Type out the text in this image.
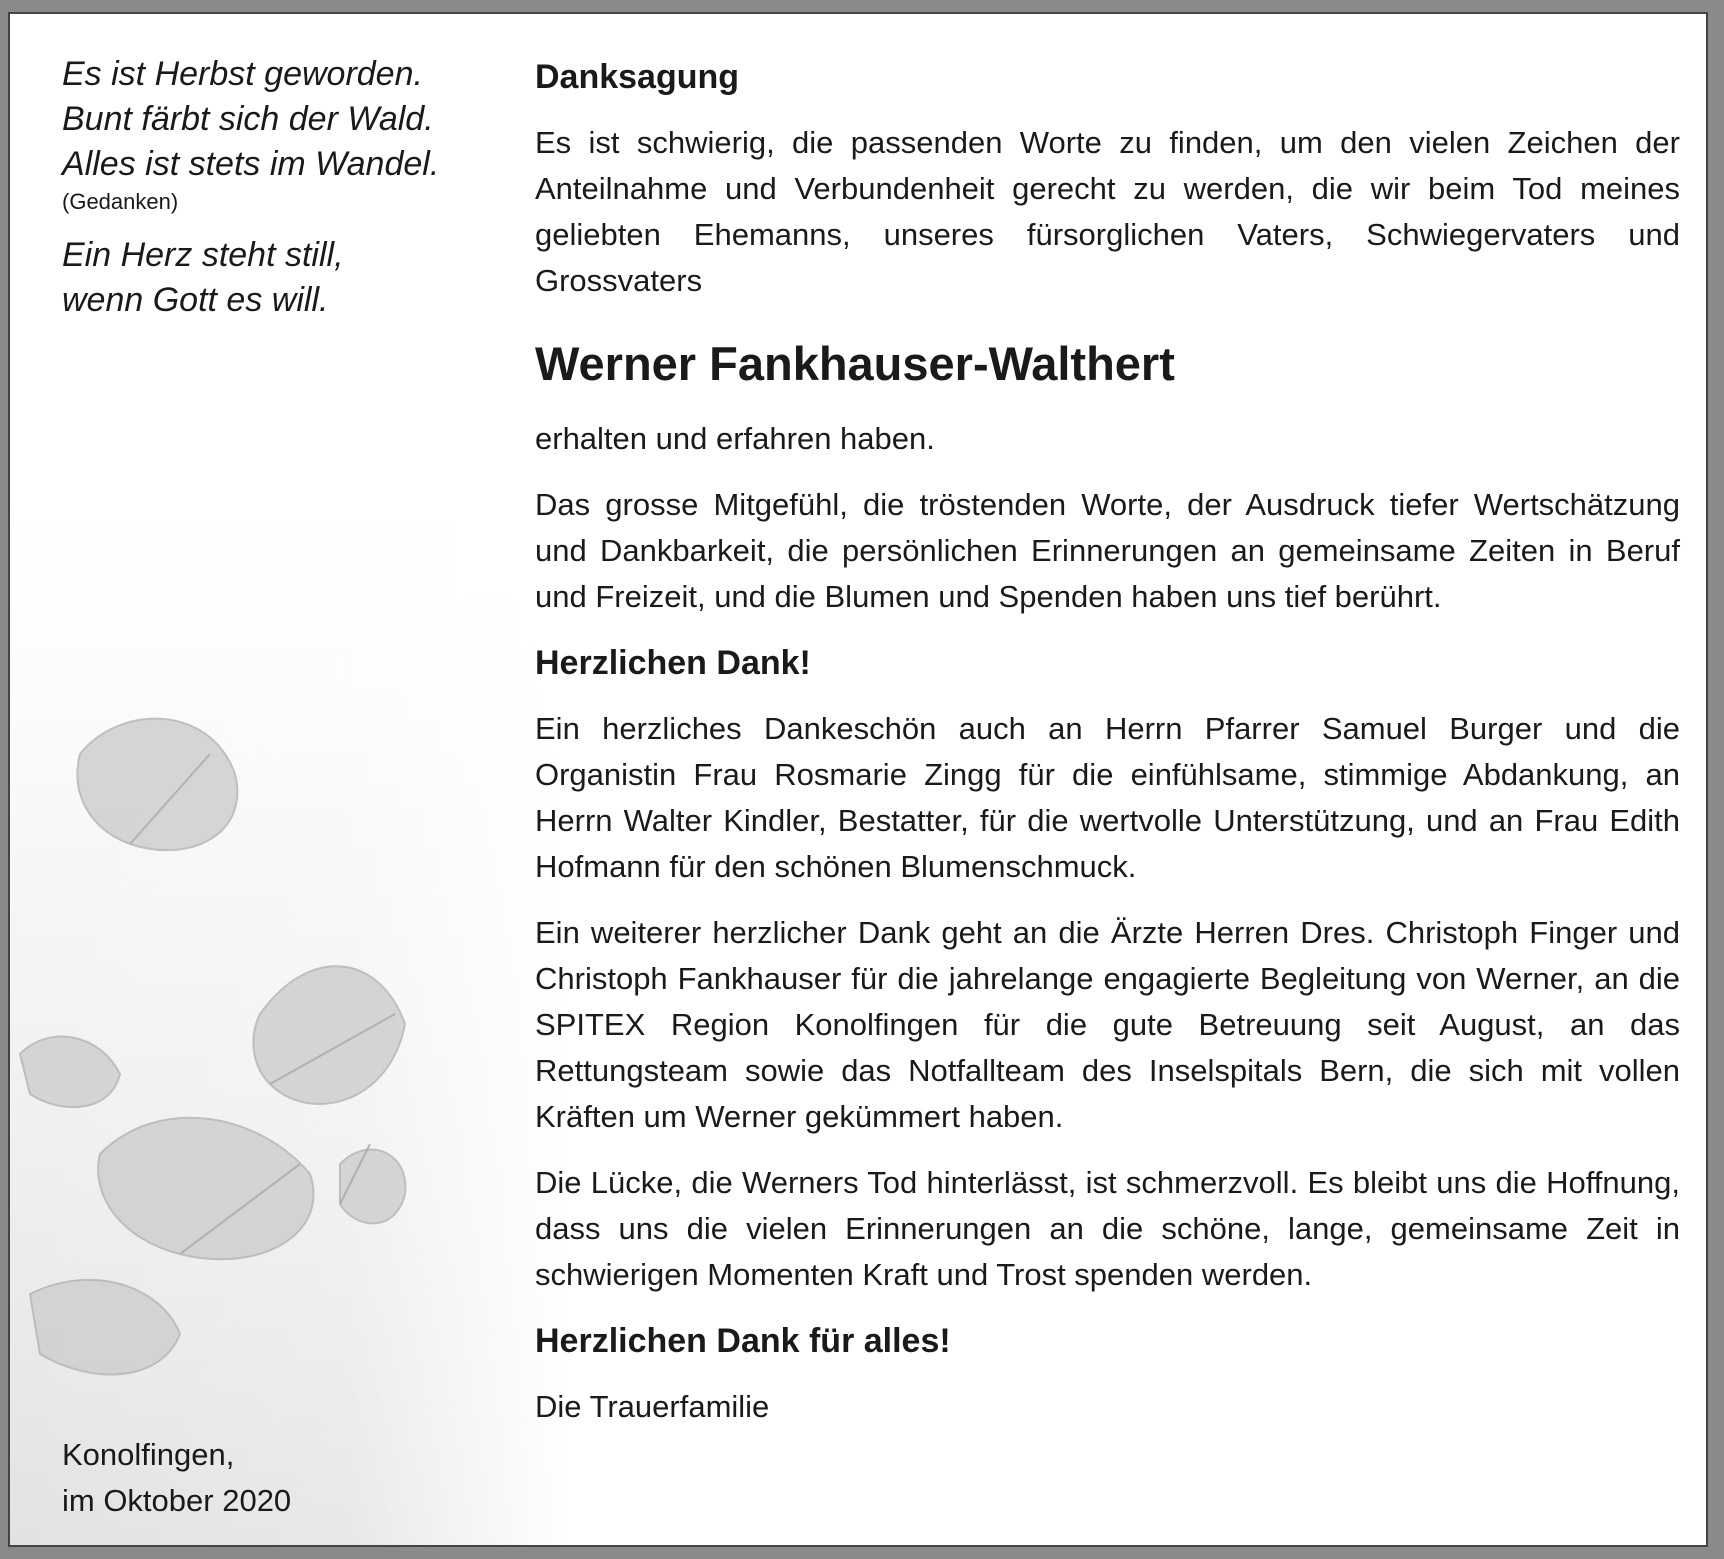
Es ist Herbst geworden.
Bunt färbt sich der Wald.
Alles ist stets im Wandel.
(Gedanken)
Ein Herz steht still,
wenn Gott es will.
Konolfingen,
im Oktober 2020
Danksagung

Es ist schwierig, die passenden Worte zu finden, um den vielen Zeichen der Anteilnahme und Verbundenheit gerecht zu werden, die wir beim Tod meines geliebten Ehemanns, unseres fürsorglichen Vaters, Schwiegervaters und Grossvaters

Werner Fankhauser-Walthert

erhalten und erfahren haben.

Das grosse Mitgefühl, die tröstenden Worte, der Ausdruck tiefer Wertschätzung und Dankbarkeit, die persönlichen Erinnerungen an gemeinsame Zeiten in Beruf und Freizeit, und die Blumen und Spenden haben uns tief berührt.

Herzlichen Dank!

Ein herzliches Dankeschön auch an Herrn Pfarrer Samuel Burger und die Organistin Frau Rosmarie Zingg für die einfühlsame, stimmige Abdankung, an Herrn Walter Kindler, Bestatter, für die wertvolle Unterstützung, und an Frau Edith Hofmann für den schönen Blumenschmuck.

Ein weiterer herzlicher Dank geht an die Ärzte Herren Dres. Christoph Finger und Christoph Fankhauser für die jahrelange engagierte Begleitung von Werner, an die SPITEX Region Konolfingen für die gute Betreuung seit August, an das Rettungsteam sowie das Notfallteam des Inselspitals Bern, die sich mit vollen Kräften um Werner gekümmert haben.

Die Lücke, die Werners Tod hinterlässt, ist schmerzvoll. Es bleibt uns die Hoffnung, dass uns die vielen Erinnerungen an die schöne, lange, gemeinsame Zeit in schwierigen Momenten Kraft und Trost spenden werden.

Herzlichen Dank für alles!

Die Trauerfamilie
